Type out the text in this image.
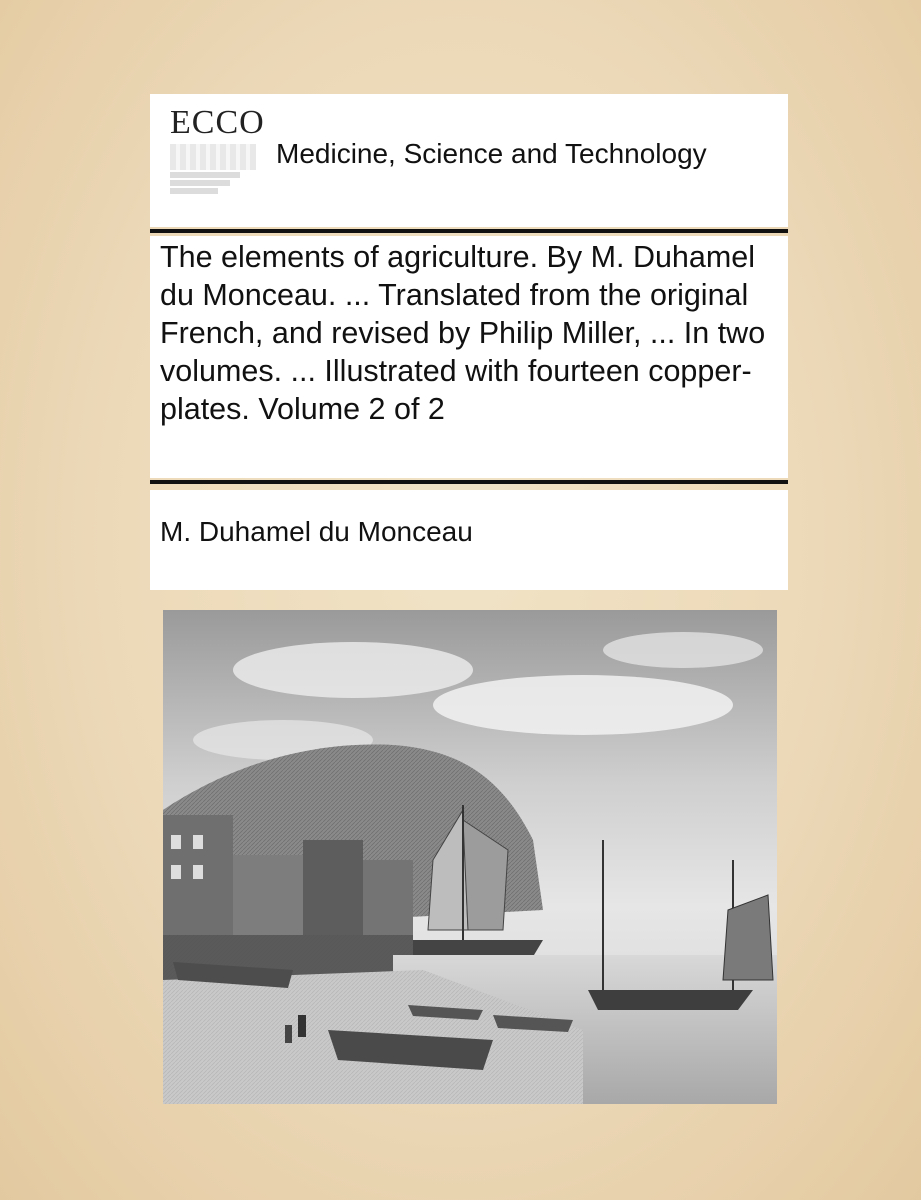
ECCO
Medicine, Science and Technology
The elements of agriculture. By M. Duhamel du Monceau. ... Translated from the original French, and revised by Philip Miller, ... In two volumes. ... Illustrated with fourteen copper-plates. Volume 2 of 2
M. Duhamel du Monceau
